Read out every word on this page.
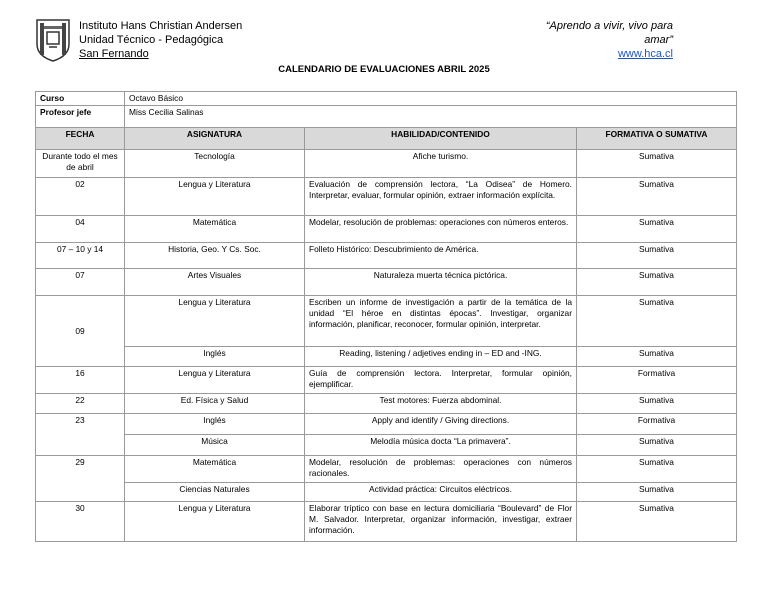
Instituto Hans Christian Andersen
Unidad Técnico - Pedagógica
San Fernando
“Aprendo a vivir, vivo para amar”
www.hca.cl
CALENDARIO DE EVALUACIONES ABRIL 2025
Curso	Octavo Básico		
Profesor jefe	Miss Cecilia Salinas		
FECHA	ASIGNATURA	HABILIDAD/CONTENIDO	FORMATIVA O SUMATIVA
Durante todo el mes de abril	Tecnología	Afiche turismo.	Sumativa
02	Lengua y Literatura	Evaluación de comprensión lectora, “La Odisea” de Homero. Interpretar, evaluar, formular opinión, extraer información explícita.	Sumativa
04	Matemática	Modelar, resolución de problemas: operaciones con números enteros.	Sumativa
07 – 10 y 14	Historia, Geo. Y Cs. Soc.	Folleto Histórico: Descubrimiento de América.	Sumativa
07	Artes Visuales	Naturaleza muerta técnica pictórica.	Sumativa
09	Lengua y Literatura	Escriben un informe de investigación a partir de la temática de la unidad “El héroe en distintas épocas”. Investigar, organizar información, planificar, reconocer, formular opinión, interpretar.	Sumativa
	Inglés	Reading, listening / adjetives ending in – ED and -ING.	Sumativa
16	Lengua y Literatura	Guía de comprensión lectora. Interpretar, formular opinión, ejemplificar.	Formativa
22	Ed. Física y Salud	Test motores: Fuerza abdominal.	Sumativa
23	Inglés	Apply and identify / Giving directions.	Formativa
	Música	Melodía música docta “La primavera”.	Sumativa
29	Matemática	Modelar, resolución de problemas: operaciones con números racionales.	Sumativa
	Ciencias Naturales	Actividad práctica: Circuitos eléctricos.	Sumativa
30	Lengua y Literatura	Elaborar tríptico con base en lectura domiciliaria “Boulevard” de Flor M. Salvador. Interpretar, organizar información, investigar, extraer información.	Sumativa
